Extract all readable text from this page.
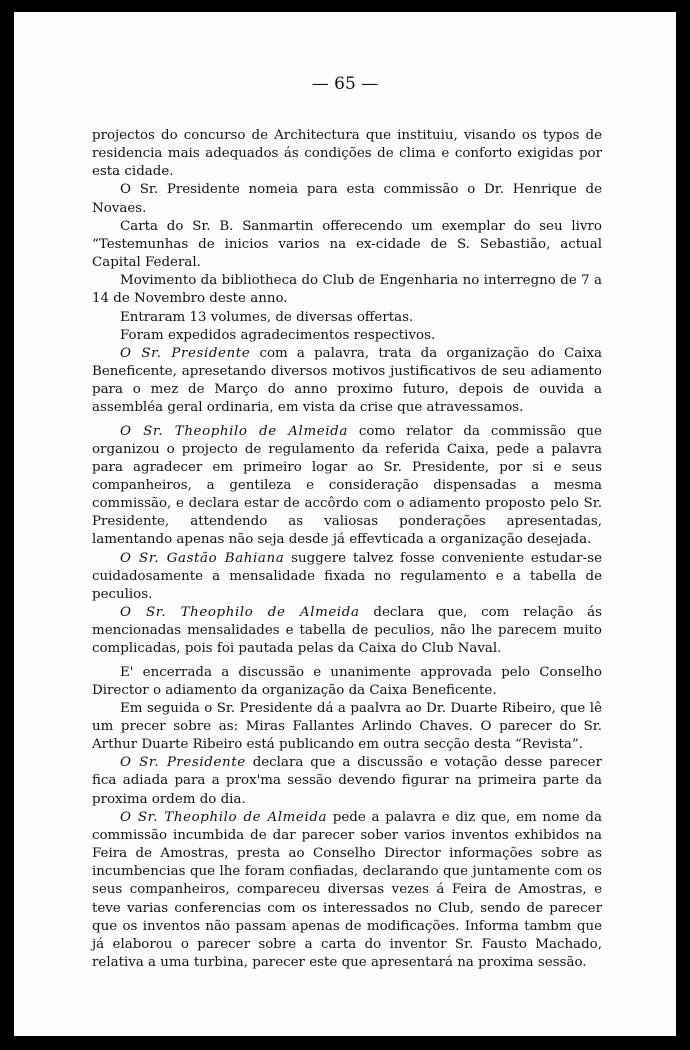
— 65 —

projectos do concurso de Architectura que instituiu, visando os typos de residencia mais adequados ás condições de clima e conforto exigidas por esta cidade.

O Sr. Presidente nomeia para esta commissão o Dr. Henrique de Novaes.

Carta do Sr. B. Sanmartin offerecendo um exemplar do seu livro “Testemunhas de inicios varios na ex-cidade de S. Sebastião, actual Capital Federal.

Movimento da bibliotheca do Club de Engenharia no interregno de 7 a 14 de Novembro deste anno.

Entraram 13 volumes, de diversas offertas.

Foram expedidos agradecimentos respectivos.

O Sr. Presidente com a palavra, trata da organização do Caixa Beneficente, apresetando diversos motivos justificativos de seu adiamento para o mez de Março do anno proximo futuro, depois de ouvida a assembléa geral ordinaria, em vista da crise que atravessamos.

O Sr. Theophilo de Almeida como relator da commissão que organizou o projecto de regulamento da referida Caixa, pede a palavra para agradecer em primeiro logar ao Sr. Presidente, por si e seus companheiros, a gentileza e consideração dispensadas a mesma commissão, e declara estar de accôrdo com o adiamento proposto pelo Sr. Presidente, attendendo as valiosas ponderações apresentadas, lamentando apenas não seja desde já effevticada a organização desejada.

O Sr. Gastão Bahiana suggere talvez fosse conveniente estudar-se cuidadosamente a mensalidade fixada no regulamento e a tabella de peculios.

O Sr. Theophilo de Almeida declara que, com relação ás mencionadas mensalidades e tabella de peculios, não lhe parecem muito complicadas, pois foi pautada pelas da Caixa do Club Naval.

E' encerrada a discussão e unanimente approvada pelo Conselho Director o adiamento da organização da Caixa Beneficente.

Em seguida o Sr. Presidente dá a paalvra ao Dr. Duarte Ribeiro, que lê um precer sobre as: Miras Fallantes Arlindo Chaves. O parecer do Sr. Arthur Duarte Ribeiro está publicando em outra secção desta “Revista”.

O Sr. Presidente declara que a discussão e votação desse parecer fica adiada para a prox'ma sessão devendo figurar na primeira parte da proxima ordem do dia.

O Sr. Theophilo de Almeida pede a palavra e diz que, em nome da commissão incumbida de dar parecer sober varios inventos exhibidos na Feira de Amostras, presta ao Conselho Director informações sobre as incumbencias que lhe foram confiadas, declarando que juntamente com os seus companheiros, compareceu diversas vezes á Feira de Amostras, e teve varias conferencias com os interessados no Club, sendo de parecer que os inventos não passam apenas de modificações. Informa tambm que já elaborou o parecer sobre a carta do inventor Sr. Fausto Machado, relativa a uma turbina, parecer este que apresentará na proxima sessão.
